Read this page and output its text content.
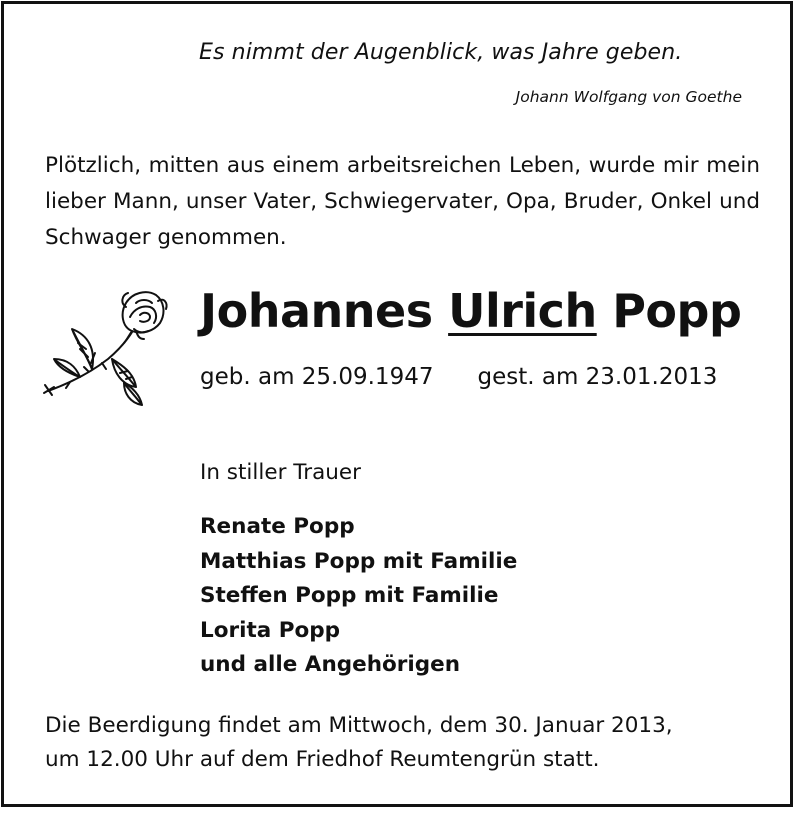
Es nimmt der Augenblick, was Jahre geben.
Johann Wolfgang von Goethe
Plötzlich, mitten aus einem arbeitsreichen Leben, wurde mir mein lieber Mann, unser Vater, Schwiegervater, Opa, Bruder, Onkel und Schwager genommen.
Johannes Ulrich Popp
geb. am 25.09.1947 gest. am 23.01.2013
In stiller Trauer
Renate Popp
Matthias Popp mit Familie
Steffen Popp mit Familie
Lorita Popp
und alle Angehörigen
Die Beerdigung findet am Mittwoch, dem 30. Januar 2013,
um 12.00 Uhr auf dem Friedhof Reumtengrün statt.
